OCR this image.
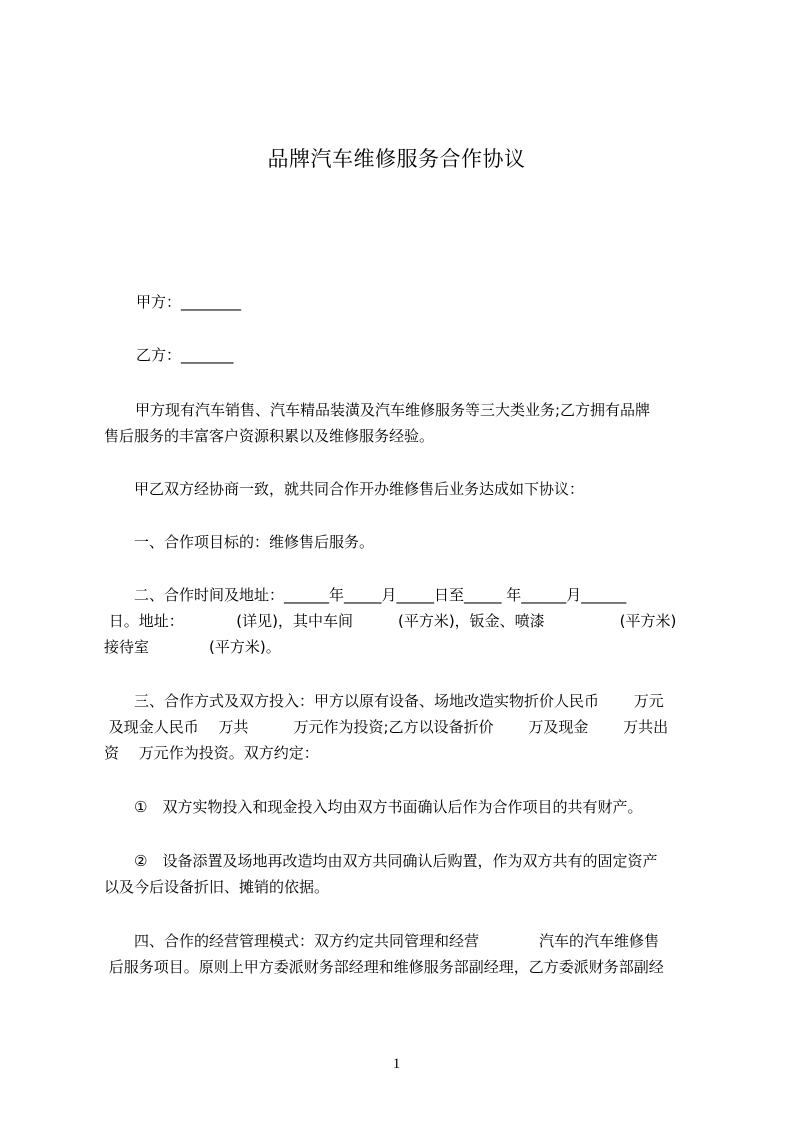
品牌汽车维修服务合作协议
甲方：________
乙方：_______
　甲方现有汽车销售、汽车精品装潢及汽车维修服务等三大类业务;乙方拥有品牌
售后服务的丰富客户资源积累以及维修服务经验。
　　甲乙双方经协商一致，就共同合作开办维修售后业务达成如下协议：
　　一、合作项目标的：维修售后服务。
　　二、合作时间及地址：______年_____月_____日至_____ 年______月______
日。地址：　　　　(详见)，其中车间　　　(平方米)，钣金、喷漆　　　　　(平方米)
接待室　　　　(平方米)。
　　三、合作方式及双方投入：甲方以原有设备、场地改造实物折价人民币　　 万元
及现金人民币　 万共　　　万元作为投资;乙方以设备折价　　 万及现金　　 万共出
资　 万元作为投资。双方约定：
　　①　双方实物投入和现金投入均由双方书面确认后作为合作项目的共有财产。
　　②　设备添置及场地再改造均由双方共同确认后购置，作为双方共有的固定资产
以及今后设备折旧、摊销的依据。
　　四、合作的经营管理模式：双方约定共同管理和经营　　　　汽车的汽车维修售
后服务项目。原则上甲方委派财务部经理和维修服务部副经理，乙方委派财务部副经
1
